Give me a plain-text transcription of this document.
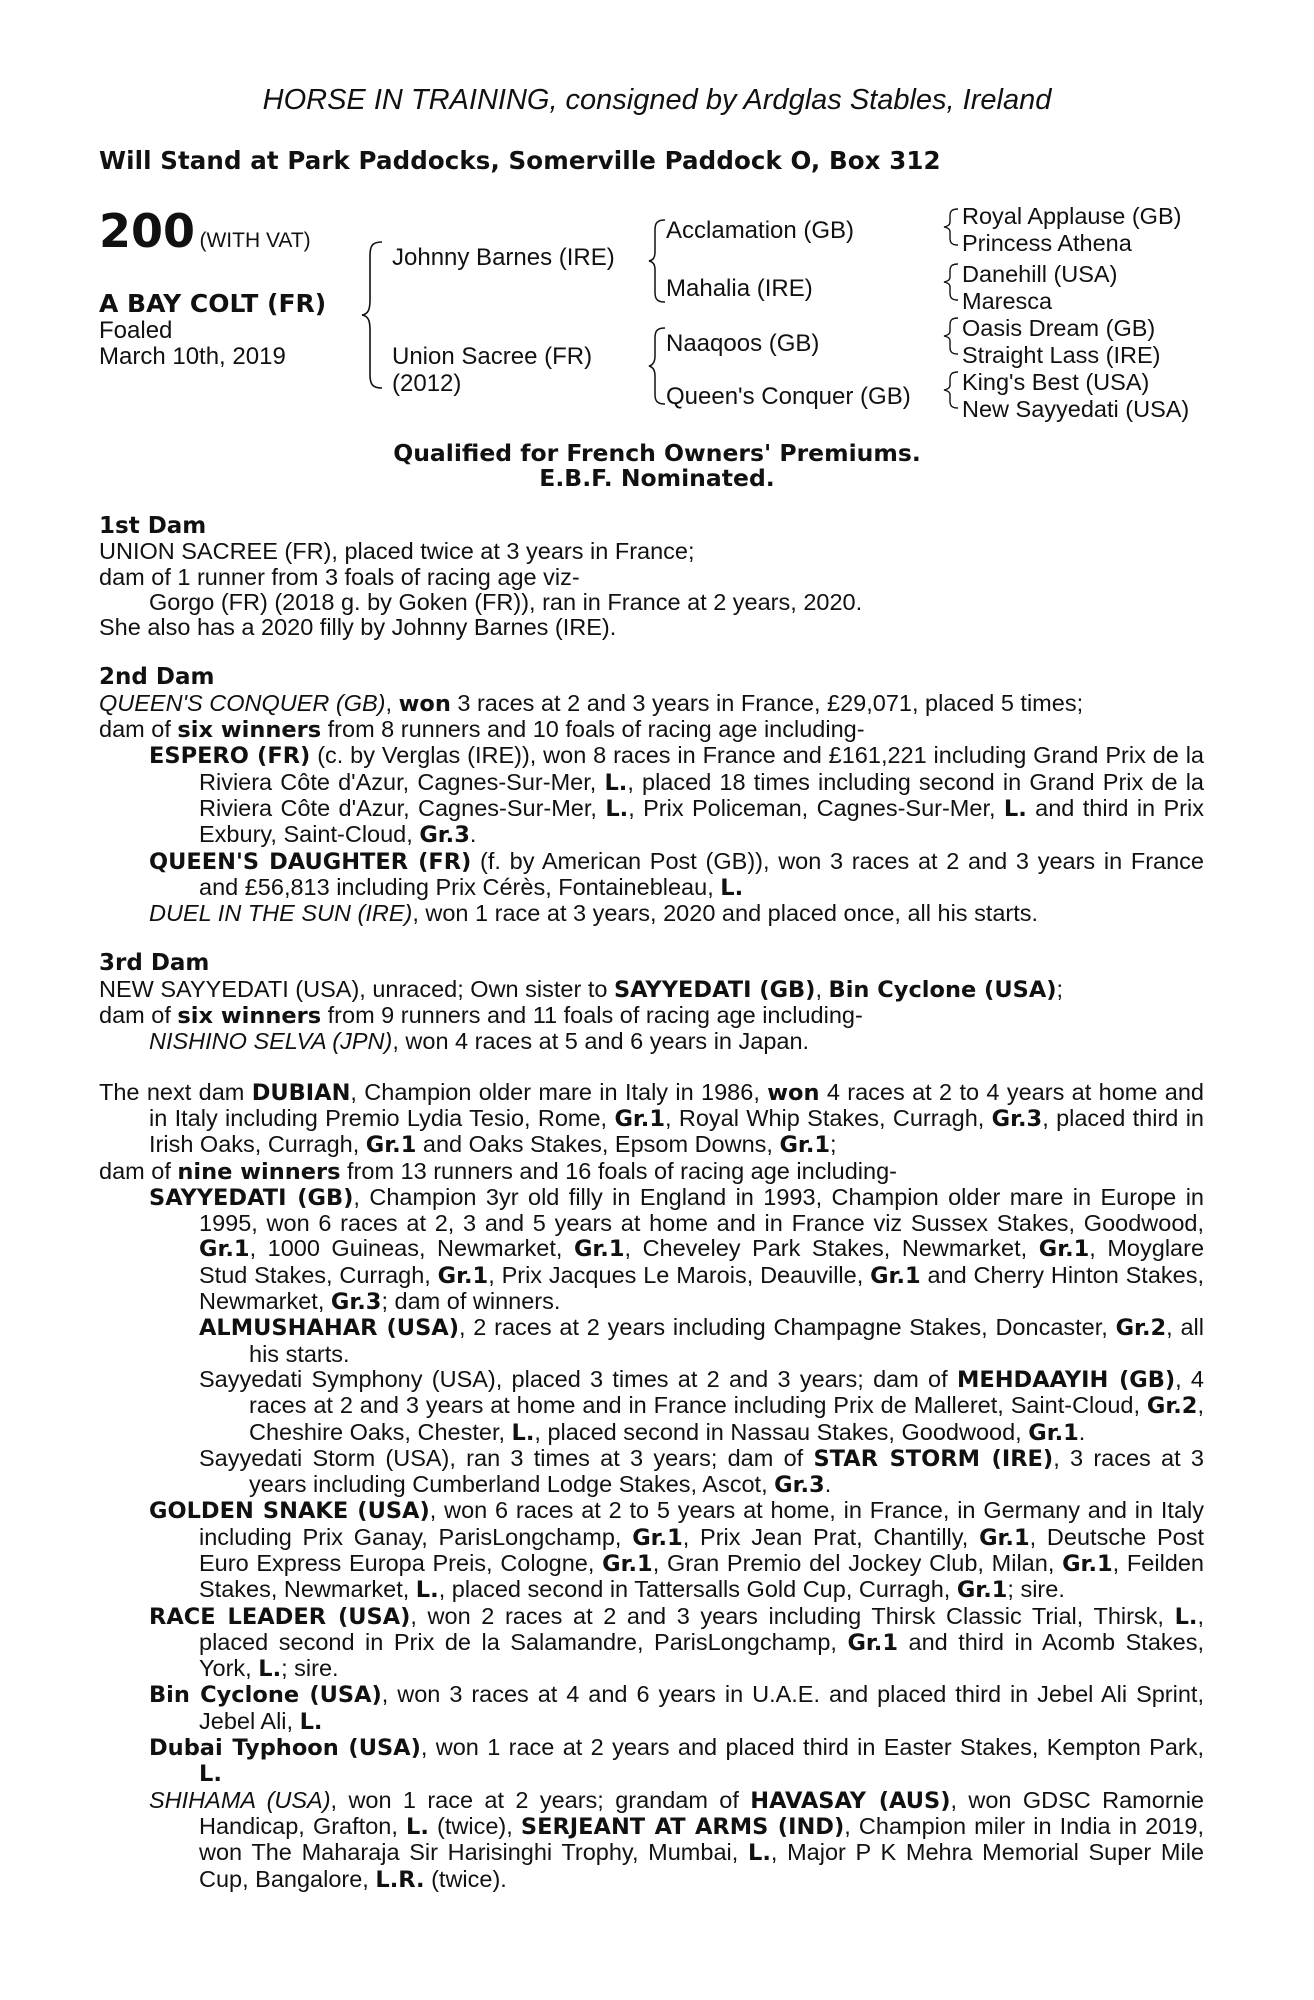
HORSE IN TRAINING, consigned by Ardglas Stables, Ireland
Will Stand at Park Paddocks, Somerville Paddock O, Box 312
200 (WITH VAT)
A BAY COLT (FR)
Foaled
March 10th, 2019
Johnny Barnes (IRE)
Union Sacree (FR)
(2012)
Acclamation (GB)
Mahalia (IRE)
Naaqoos (GB)
Queen's Conquer (GB)
Royal Applause (GB)
Princess Athena
Danehill (USA)
Maresca
Oasis Dream (GB)
Straight Lass (IRE)
King's Best (USA)
New Sayyedati (USA)
Qualified for French Owners' Premiums.
E.B.F. Nominated.

1st Dam

UNION SACREE (FR), placed twice at 3 years in France;

dam of 1 runner from 3 foals of racing age viz-

Gorgo (FR) (2018 g. by Goken (FR)), ran in France at 2 years, 2020.

She also has a 2020 filly by Johnny Barnes (IRE).

2nd Dam

QUEEN'S CONQUER (GB), won 3 races at 2 and 3 years in France, £29,071, placed 5 times;

dam of six winners from 8 runners and 10 foals of racing age including-

ESPERO (FR) (c. by Verglas (IRE)), won 8 races in France and £161,221 including Grand Prix de la Riviera Côte d'Azur, Cagnes-Sur-Mer, L., placed 18 times including second in Grand Prix de la Riviera Côte d'Azur, Cagnes-Sur-Mer, L., Prix Policeman, Cagnes-Sur-Mer, L. and third in Prix Exbury, Saint-Cloud, Gr.3.

QUEEN'S DAUGHTER (FR) (f. by American Post (GB)), won 3 races at 2 and 3 years in France and £56,813 including Prix Cérès, Fontainebleau, L.

DUEL IN THE SUN (IRE), won 1 race at 3 years, 2020 and placed once, all his starts.

3rd Dam

NEW SAYYEDATI (USA), unraced; Own sister to SAYYEDATI (GB), Bin Cyclone (USA);

dam of six winners from 9 runners and 11 foals of racing age including-

NISHINO SELVA (JPN), won 4 races at 5 and 6 years in Japan.

The next dam DUBIAN, Champion older mare in Italy in 1986, won 4 races at 2 to 4 years at home and in Italy including Premio Lydia Tesio, Rome, Gr.1, Royal Whip Stakes, Curragh, Gr.3, placed third in Irish Oaks, Curragh, Gr.1 and Oaks Stakes, Epsom Downs, Gr.1;

dam of nine winners from 13 runners and 16 foals of racing age including-

SAYYEDATI (GB), Champion 3yr old filly in England in 1993, Champion older mare in Europe in 1995, won 6 races at 2, 3 and 5 years at home and in France viz Sussex Stakes, Goodwood, Gr.1, 1000 Guineas, Newmarket, Gr.1, Cheveley Park Stakes, Newmarket, Gr.1, Moyglare Stud Stakes, Curragh, Gr.1, Prix Jacques Le Marois, Deauville, Gr.1 and Cherry Hinton Stakes, Newmarket, Gr.3; dam of winners.

ALMUSHAHAR (USA), 2 races at 2 years including Champagne Stakes, Doncaster, Gr.2, all his starts.

Sayyedati Symphony (USA), placed 3 times at 2 and 3 years; dam of MEHDAAYIH (GB), 4 races at 2 and 3 years at home and in France including Prix de Malleret, Saint-Cloud, Gr.2, Cheshire Oaks, Chester, L., placed second in Nassau Stakes, Goodwood, Gr.1.

Sayyedati Storm (USA), ran 3 times at 3 years; dam of STAR STORM (IRE), 3 races at 3 years including Cumberland Lodge Stakes, Ascot, Gr.3.

GOLDEN SNAKE (USA), won 6 races at 2 to 5 years at home, in France, in Germany and in Italy including Prix Ganay, ParisLongchamp, Gr.1, Prix Jean Prat, Chantilly, Gr.1, Deutsche Post Euro Express Europa Preis, Cologne, Gr.1, Gran Premio del Jockey Club, Milan, Gr.1, Feilden Stakes, Newmarket, L., placed second in Tattersalls Gold Cup, Curragh, Gr.1; sire.

RACE LEADER (USA), won 2 races at 2 and 3 years including Thirsk Classic Trial, Thirsk, L., placed second in Prix de la Salamandre, ParisLongchamp, Gr.1 and third in Acomb Stakes, York, L.; sire.

Bin Cyclone (USA), won 3 races at 4 and 6 years in U.A.E. and placed third in Jebel Ali Sprint, Jebel Ali, L.

Dubai Typhoon (USA), won 1 race at 2 years and placed third in Easter Stakes, Kempton Park, L.

SHIHAMA (USA), won 1 race at 2 years; grandam of HAVASAY (AUS), won GDSC Ramornie Handicap, Grafton, L. (twice), SERJEANT AT ARMS (IND), Champion miler in India in 2019, won The Maharaja Sir Harisinghi Trophy, Mumbai, L., Major P K Mehra Memorial Super Mile Cup, Bangalore, L.R. (twice).
